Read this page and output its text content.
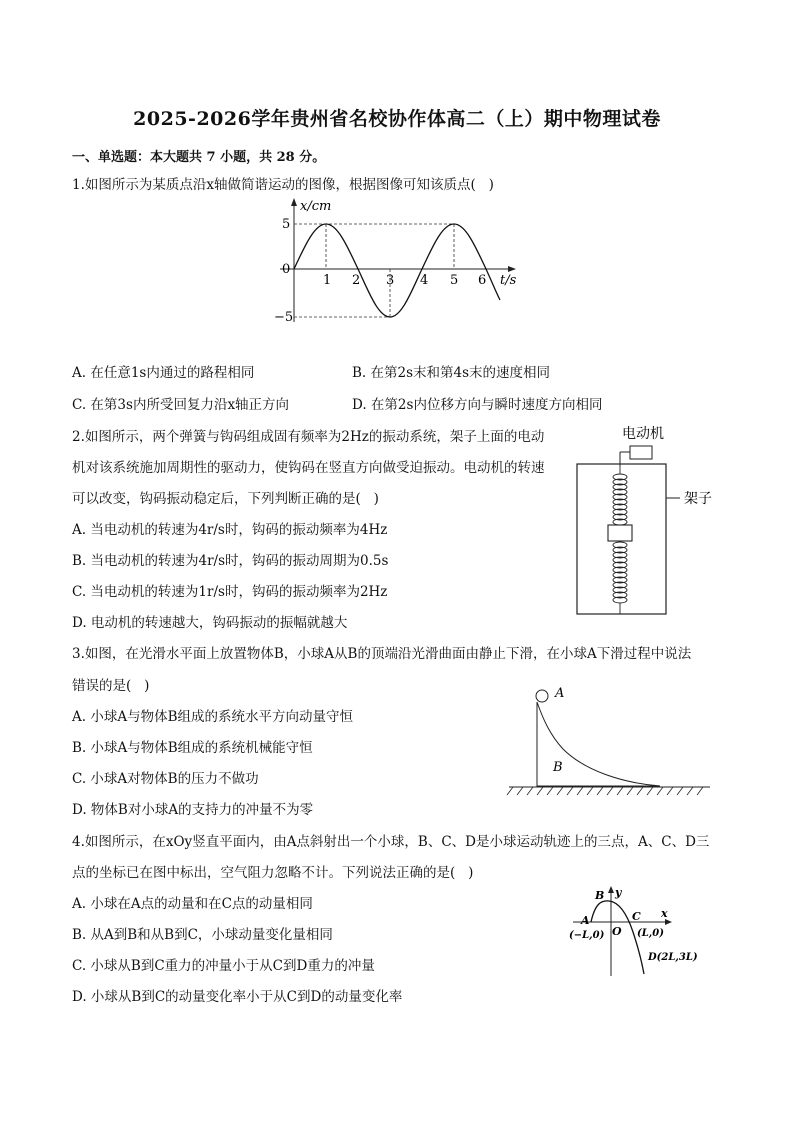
2025-2026学年贵州省名校协作体高二（上）期中物理试卷
一、单选题：本大题共 7 小题，共 28 分。
1.如图所示为某质点沿x轴做简谐运动的图像，根据图像可知该质点(   )
x/cm
t/s
0
5
−5
1 2 3 4 5 6
A. 在任意1s内通过的路程相同	B. 在第2s末和第4s末的速度相同
C. 在第3s内所受回复力沿x轴正方向	D. 在第2s内位移方向与瞬时速度方向相同
2.如图所示，两个弹簧与钩码组成固有频率为2Hz的振动系统，架子上面的电动
机对该系统施加周期性的驱动力，使钩码在竖直方向做受迫振动。电动机的转速
可以改变，钩码振动稳定后，下列判断正确的是(   )
A. 当电动机的转速为4r/s时，钩码的振动频率为4Hz
B. 当电动机的转速为4r/s时，钩码的振动周期为0.5s
C. 当电动机的转速为1r/s时，钩码的振动频率为2Hz
D. 电动机的转速越大，钩码振动的振幅就越大
电动机
架子
3.如图，在光滑水平面上放置物体B，小球A从B的顶端沿光滑曲面由静止下滑，在小球A下滑过程中说法
错误的是(   )
A. 小球A与物体B组成的系统水平方向动量守恒
B. 小球A与物体B组成的系统机械能守恒
C. 小球A对物体B的压力不做功
D. 物体B对小球A的支持力的冲量不为零
A
B
4.如图所示，在xOy竖直平面内，由A点斜射出一个小球，B、C、D是小球运动轨迹上的三点，A、C、D三
点的坐标已在图中标出，空气阻力忽略不计。下列说法正确的是(   )
A. 小球在A点的动量和在C点的动量相同
B. 从A到B和从B到C，小球动量变化量相同
C. 小球从B到C重力的冲量小于从C到D重力的冲量
D. 小球从B到C的动量变化率小于从C到D的动量变化率
y
x
B
A	C
O
(−L,0)	(L,0)
D(2L,3L)
